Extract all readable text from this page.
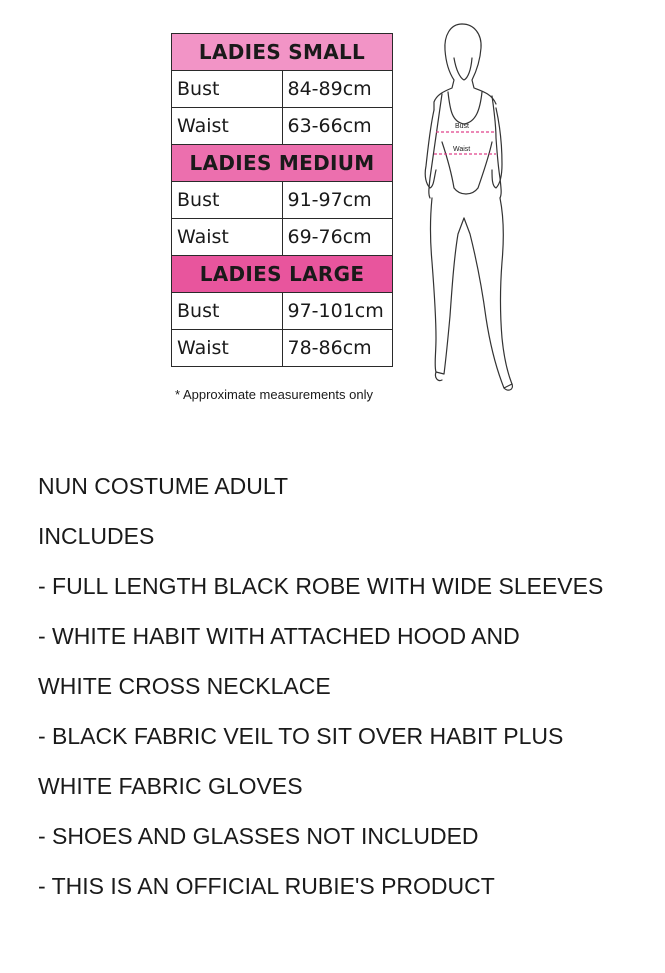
LADIES SMALL	
Bust	84-89cm
Waist	63-66cm
LADIES MEDIUM	
Bust	91-97cm
Waist	69-76cm
LADIES LARGE	
Bust	97-101cm
Waist	78-86cm
* Approximate measurements only
Bust
Waist
NUN COSTUME ADULT
INCLUDES
- FULL LENGTH BLACK ROBE WITH WIDE SLEEVES
- WHITE HABIT WITH ATTACHED HOOD AND
WHITE CROSS NECKLACE
- BLACK FABRIC VEIL TO SIT OVER HABIT PLUS
WHITE FABRIC GLOVES
- SHOES AND GLASSES NOT INCLUDED
- THIS IS AN OFFICIAL RUBIE'S PRODUCT
